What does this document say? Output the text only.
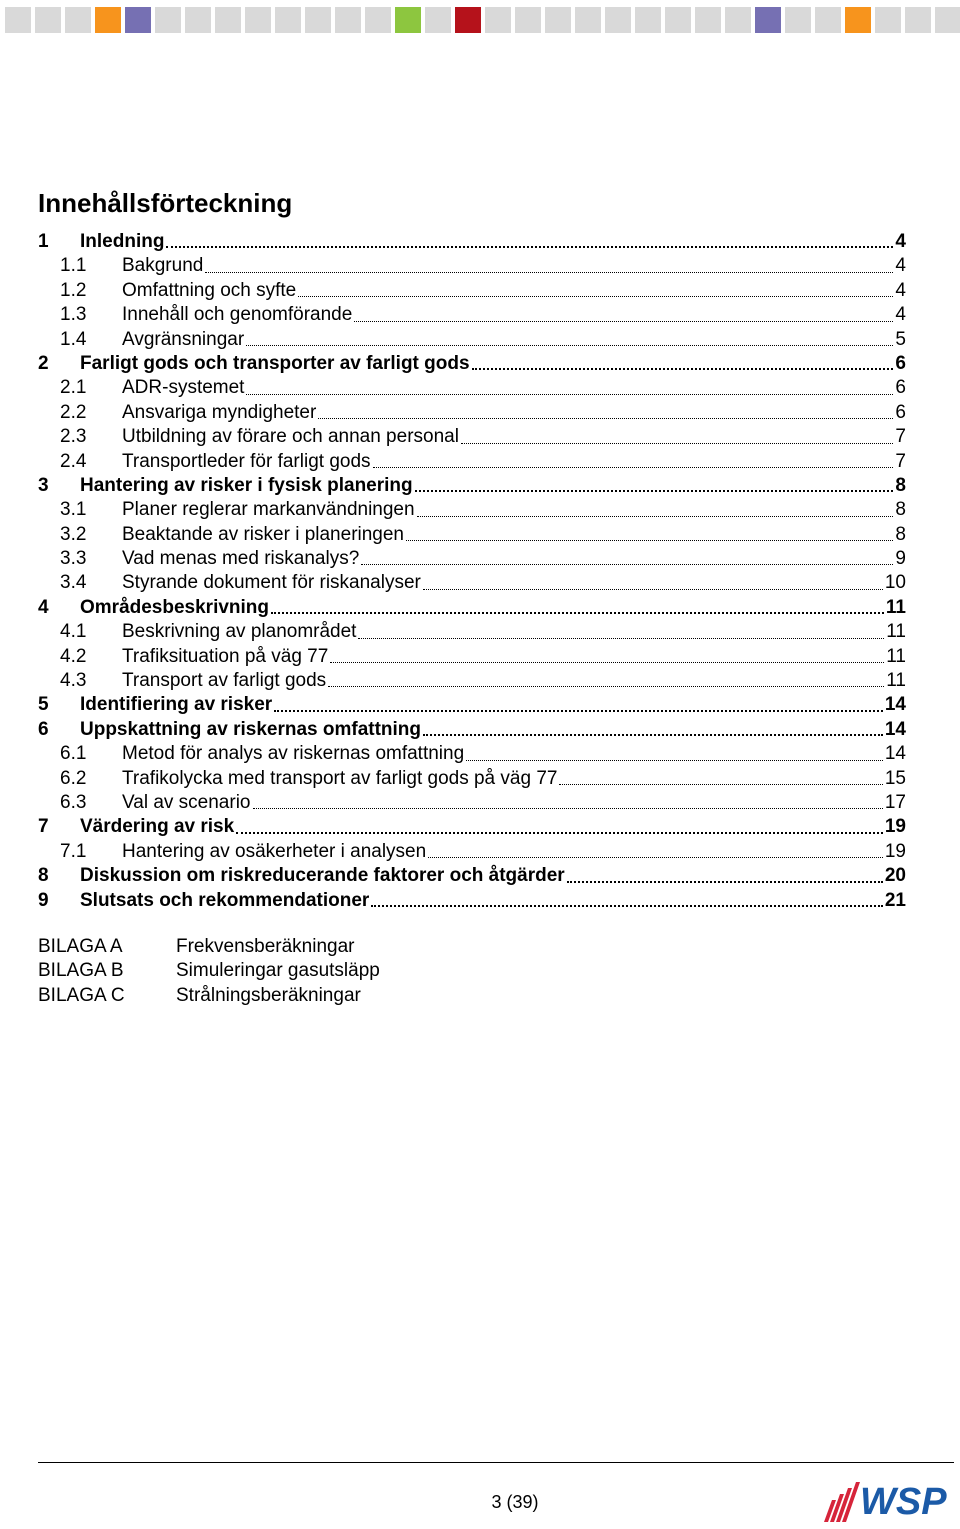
Innehållsförteckning
1	Inledning	4
1.1	Bakgrund	4
1.2	Omfattning och syfte	4
1.3	Innehåll och genomförande	4
1.4	Avgränsningar	5
2	Farligt gods och transporter av farligt gods	6
2.1	ADR-systemet	6
2.2	Ansvariga myndigheter	6
2.3	Utbildning av förare och annan personal	7
2.4	Transportleder för farligt gods	7
3	Hantering av risker i fysisk planering	8
3.1	Planer reglerar markanvändningen	8
3.2	Beaktande av risker i planeringen	8
3.3	Vad menas med riskanalys?	9
3.4	Styrande dokument för riskanalyser	10
4	Områdesbeskrivning	11
4.1	Beskrivning av planområdet	11
4.2	Trafiksituation på väg 77	11
4.3	Transport av farligt gods	11
5	Identifiering av risker	14
6	Uppskattning av riskernas omfattning	14
6.1	Metod för analys av riskernas omfattning	14
6.2	Trafikolycka med transport av farligt gods på väg 77	15
6.3	Val av scenario	17
7	Värdering av risk	19
7.1	Hantering av osäkerheter i analysen	19
8	Diskussion om riskreducerande faktorer och åtgärder	20
9	Slutsats och rekommendationer	21
BILAGA A	Frekvensberäkningar
BILAGA B	Simuleringar gasutsläpp
BILAGA C	Strålningsberäkningar
3 (39)	WSP
